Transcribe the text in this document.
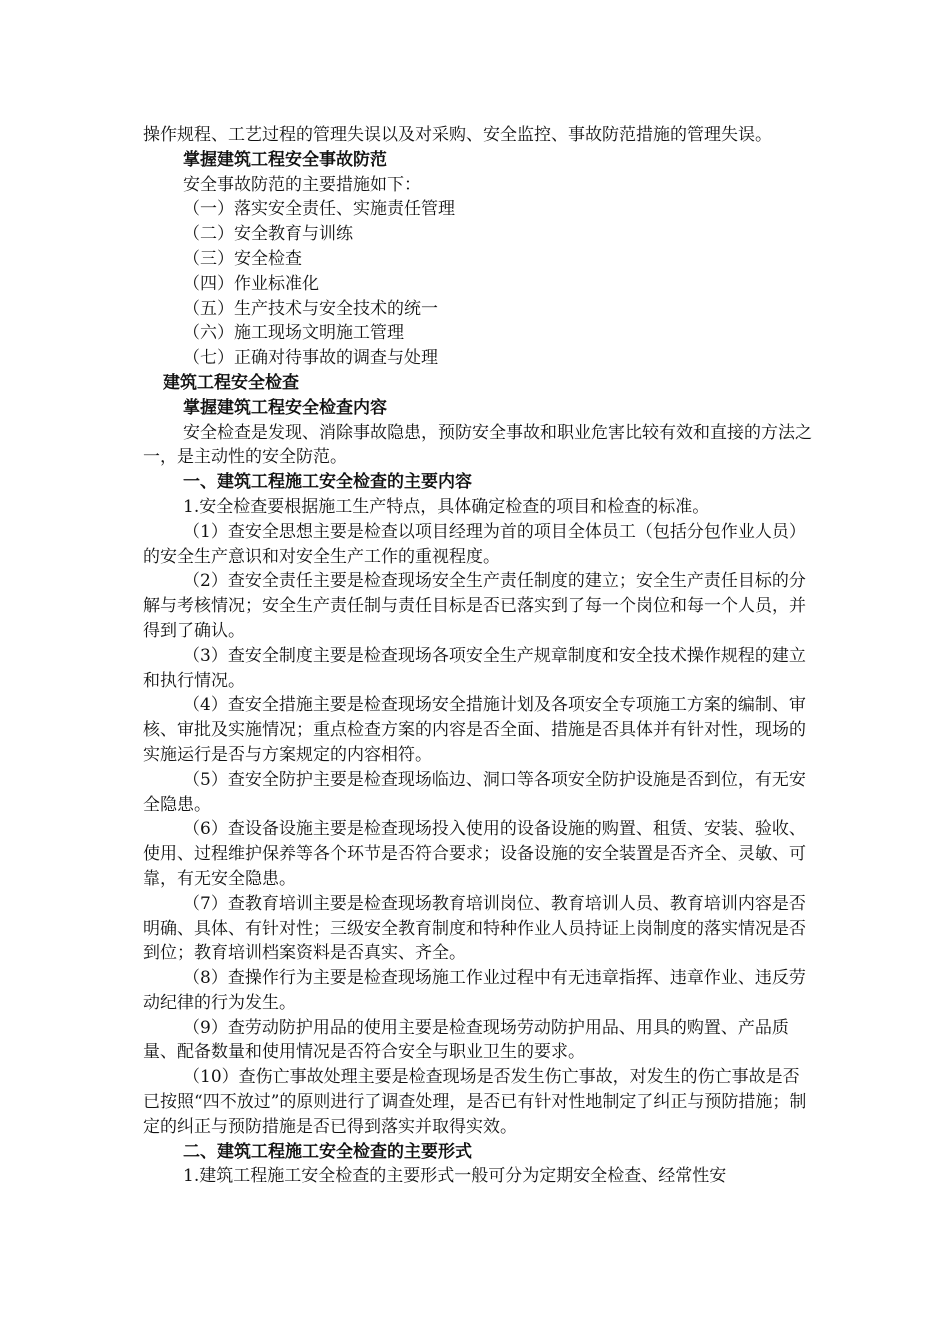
操作规程、工艺过程的管理失误以及对采购、安全监控、事故防范措施的管理失误。

掌握建筑工程安全事故防范

安全事故防范的主要措施如下：

（一）落实安全责任、实施责任管理

（二）安全教育与训练

（三）安全检查

（四）作业标准化

（五）生产技术与安全技术的统一

（六）施工现场文明施工管理

（七）正确对待事故的调查与处理

建筑工程安全检查

掌握建筑工程安全检查内容

安全检查是发现、消除事故隐患，预防安全事故和职业危害比较有效和直接的方法之一，是主动性的安全防范。

一、建筑工程施工安全检查的主要内容

1.安全检查要根据施工生产特点，具体确定检查的项目和检查的标准。

（1）查安全思想主要是检查以项目经理为首的项目全体员工（包括分包作业人员）的安全生产意识和对安全生产工作的重视程度。

（2）查安全责任主要是检查现场安全生产责任制度的建立；安全生产责任目标的分解与考核情况；安全生产责任制与责任目标是否已落实到了每一个岗位和每一个人员，并得到了确认。

（3）查安全制度主要是检查现场各项安全生产规章制度和安全技术操作规程的建立和执行情况。

（4）查安全措施主要是检查现场安全措施计划及各项安全专项施工方案的编制、审核、审批及实施情况；重点检查方案的内容是否全面、措施是否具体并有针对性，现场的实施运行是否与方案规定的内容相符。

（5）查安全防护主要是检查现场临边、洞口等各项安全防护设施是否到位，有无安全隐患。

（6）查设备设施主要是检查现场投入使用的设备设施的购置、租赁、安装、验收、使用、过程维护保养等各个环节是否符合要求；设备设施的安全装置是否齐全、灵敏、可靠，有无安全隐患。

（7）查教育培训主要是检查现场教育培训岗位、教育培训人员、教育培训内容是否明确、具体、有针对性；三级安全教育制度和特种作业人员持证上岗制度的落实情况是否到位；教育培训档案资料是否真实、齐全。

（8）查操作行为主要是检查现场施工作业过程中有无违章指挥、违章作业、违反劳动纪律的行为发生。

（9）查劳动防护用品的使用主要是检查现场劳动防护用品、用具的购置、产品质量、配备数量和使用情况是否符合安全与职业卫生的要求。

（10）查伤亡事故处理主要是检查现场是否发生伤亡事故，对发生的伤亡事故是否已按照“四不放过”的原则进行了调查处理，是否已有针对性地制定了纠正与预防措施；制定的纠正与预防措施是否已得到落实并取得实效。

二、建筑工程施工安全检查的主要形式

1.建筑工程施工安全检查的主要形式一般可分为定期安全检查、经常性安
